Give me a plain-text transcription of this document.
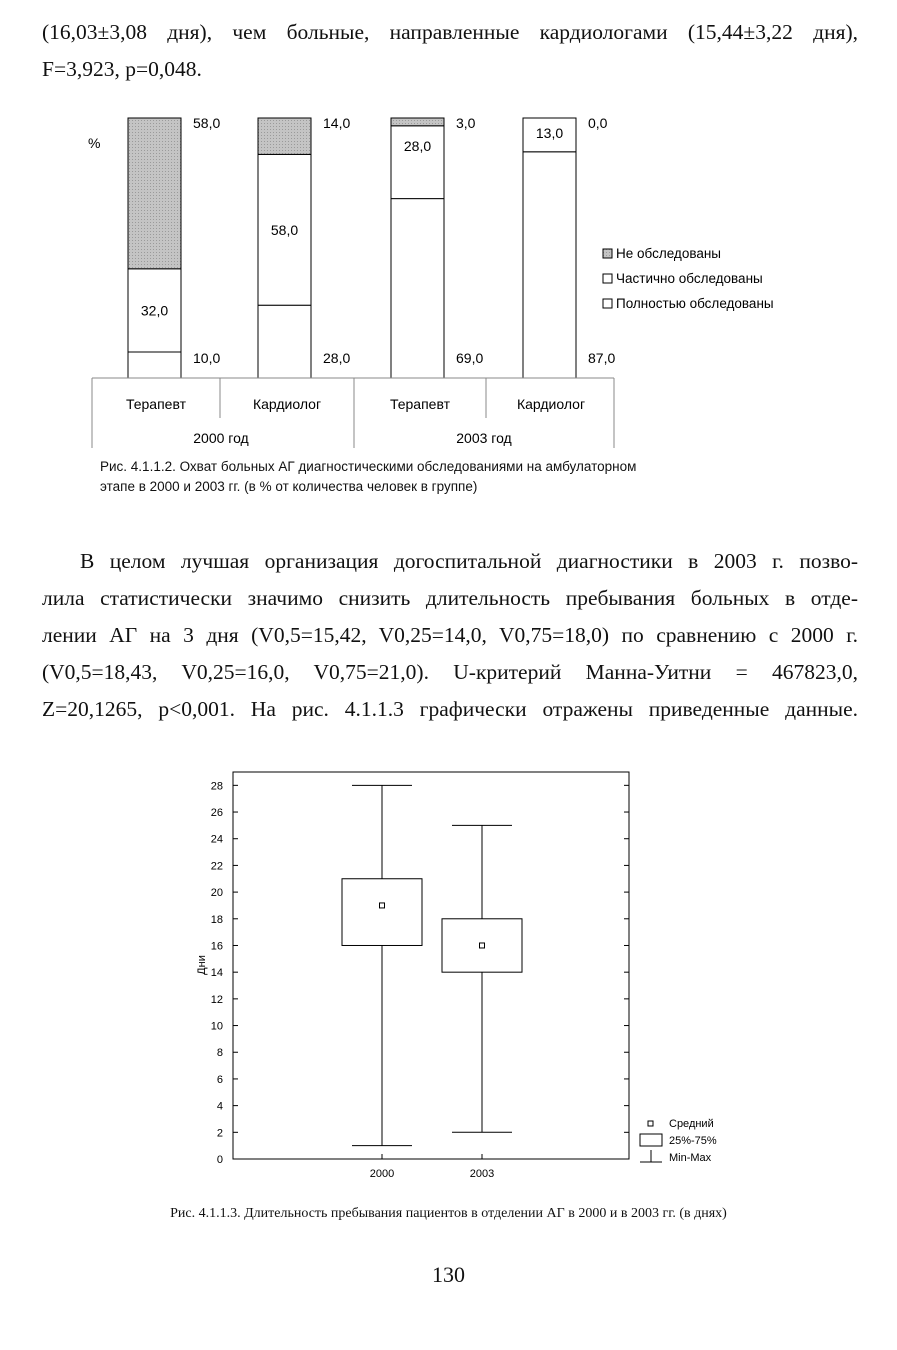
(16,03±3,08 дня), чем больные, направленные кардиологами (15,44±3,22 дня),
F=3,923, p=0,048.
%
10,0
58,0
32,0
28,0
14,0
58,0
69,0
3,0
28,0
87,0
0,0
13,0
Не обследованы
Частично обследованы
Полностью обследованы
Терапевт	Кардиолог	Терапевт	Кардиолог
2000 год	2003 год
Рис. 4.1.1.2. Охват больных АГ диагностическими обследованиями на амбулаторном этапе в 2000 и 2003 гг. (в % от количества человек в группе)
В целом лучшая организация догоспитальной диагностики в 2003 г. позво-
лила статистически значимо снизить длительность пребывания больных в отде-
лении АГ на 3 дня (V0,5=15,42, V0,25=14,0, V0,75=18,0) по сравнению с 2000 г.
(V0,5=18,43, V0,25=16,0, V0,75=21,0). U-критерий Манна-Уитни = 467823,0,
Z=20,1265, p<0,001. На рис. 4.1.1.3 графически отражены приведенные данные.
0
2
4
6
8
10
12
14
16
18
20
22
24
26
28
Дни
2000	2003
Средний
25%-75%
Min-Max
Рис. 4.1.1.3. Длительность пребывания пациентов в отделении АГ в 2000 и в 2003 гг. (в днях)
130
